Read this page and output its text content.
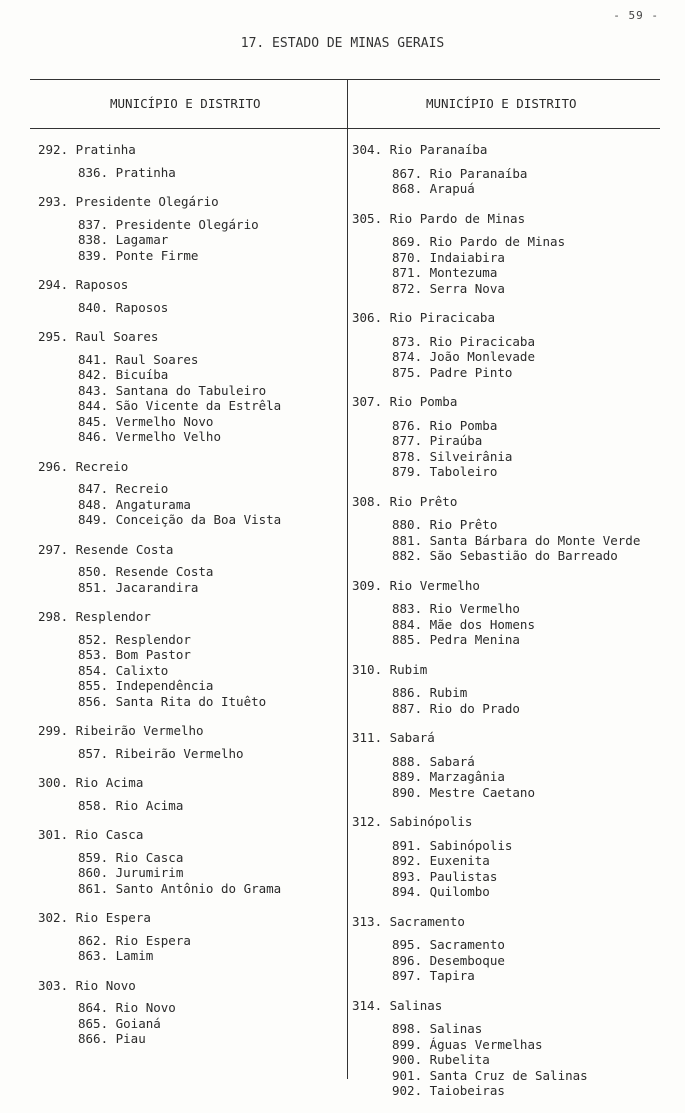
- 59 -
17. ESTADO DE MINAS GERAIS
MUNICÍPIO E DISTRITO	MUNICÍPIO E DISTRITO
292. Pratinha
836. Pratinha
293. Presidente Olegário
837. Presidente Olegário
838. Lagamar
839. Ponte Firme
294. Raposos
840. Raposos
295. Raul Soares
841. Raul Soares
842. Bicuíba
843. Santana do Tabuleiro
844. São Vicente da Estrêla
845. Vermelho Novo
846. Vermelho Velho
296. Recreio
847. Recreio
848. Angaturama
849. Conceição da Boa Vista
297. Resende Costa
850. Resende Costa
851. Jacarandira
298. Resplendor
852. Resplendor
853. Bom Pastor
854. Calixto
855. Independência
856. Santa Rita do Ituêto
299. Ribeirão Vermelho
857. Ribeirão Vermelho
300. Rio Acima
858. Rio Acima
301. Rio Casca
859. Rio Casca
860. Jurumirim
861. Santo Antônio do Grama
302. Rio Espera
862. Rio Espera
863. Lamim
303. Rio Novo
864. Rio Novo
865. Goianá
866. Piau
304. Rio Paranaíba
867. Rio Paranaíba
868. Arapuá
305. Rio Pardo de Minas
869. Rio Pardo de Minas
870. Indaiabira
871. Montezuma
872. Serra Nova
306. Rio Piracicaba
873. Rio Piracicaba
874. João Monlevade
875. Padre Pinto
307. Rio Pomba
876. Rio Pomba
877. Piraúba
878. Silveirânia
879. Taboleiro
308. Rio Prêto
880. Rio Prêto
881. Santa Bárbara do Monte Verde
882. São Sebastião do Barreado
309. Rio Vermelho
883. Rio Vermelho
884. Mãe dos Homens
885. Pedra Menina
310. Rubim
886. Rubim
887. Rio do Prado
311. Sabará
888. Sabará
889. Marzagânia
890. Mestre Caetano
312. Sabinópolis
891. Sabinópolis
892. Euxenita
893. Paulistas
894. Quilombo
313. Sacramento
895. Sacramento
896. Desemboque
897. Tapira
314. Salinas
898. Salinas
899. Águas Vermelhas
900. Rubelita
901. Santa Cruz de Salinas
902. Taiobeiras
